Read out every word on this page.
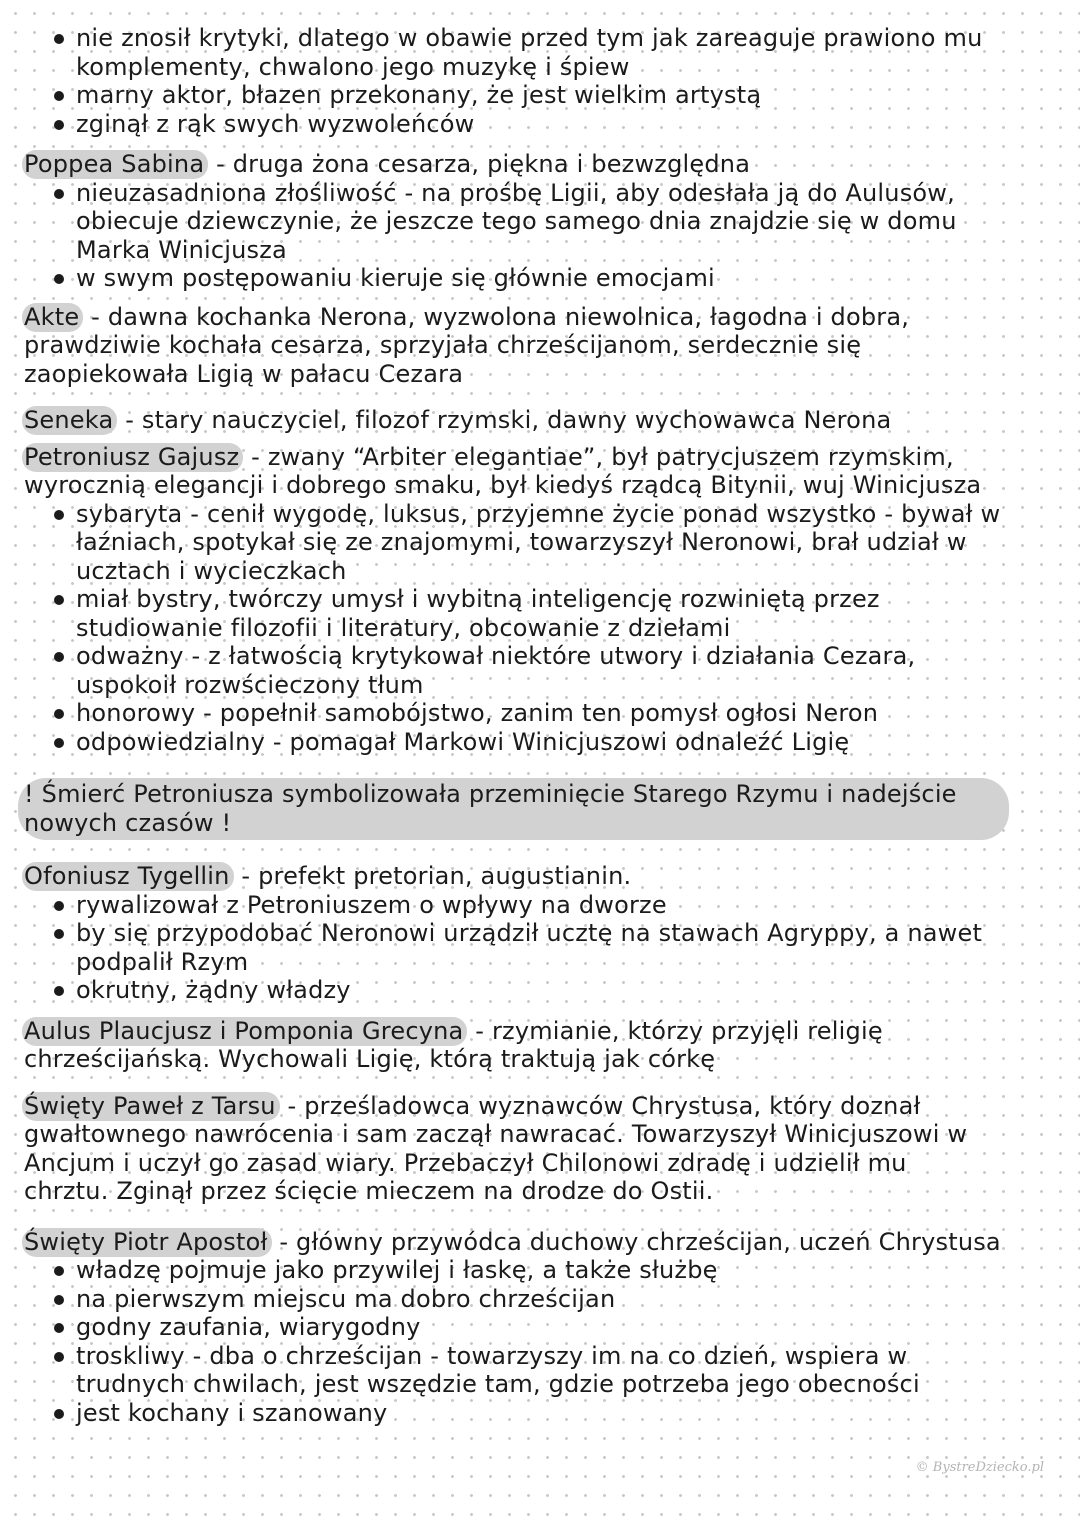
nie znosił krytyki, dlatego w obawie przed tym jak zareaguje prawiono mu
komplementy, chwalono jego muzykę i śpiew
marny aktor, błazen przekonany, że jest wielkim artystą
zginął z rąk swych wyzwoleńców
Poppea Sabina - druga żona cesarza, piękna i bezwzględna
nieuzasadniona złośliwość - na prośbę Ligii, aby odesłała ją do Aulusów,
obiecuje dziewczynie, że jeszcze tego samego dnia znajdzie się w domu
Marka Winicjusza
w swym postępowaniu kieruje się głównie emocjami
Akte - dawna kochanka Nerona, wyzwolona niewolnica, łagodna i dobra,
prawdziwie kochała cesarza, sprzyjała chrześcijanom, serdecznie się
zaopiekowała Ligią w pałacu Cezara
Seneka - stary nauczyciel, filozof rzymski, dawny wychowawca Nerona
Petroniusz Gajusz - zwany “Arbiter elegantiae”, był patrycjuszem rzymskim,
wyrocznią elegancji i dobrego smaku, był kiedyś rządcą Bitynii, wuj Winicjusza
sybaryta - cenił wygodę, luksus, przyjemne życie ponad wszystko - bywał w
łaźniach, spotykał się ze znajomymi, towarzyszył Neronowi, brał udział w
ucztach i wycieczkach
miał bystry, twórczy umysł i wybitną inteligencję rozwiniętą przez
studiowanie filozofii i literatury, obcowanie z dziełami
odważny - z łatwością krytykował niektóre utwory i działania Cezara,
uspokoił rozwścieczony tłum
honorowy - popełnił samobójstwo, zanim ten pomysł ogłosi Neron
odpowiedzialny - pomagał Markowi Winicjuszowi odnaleźć Ligię
! Śmierć Petroniusza symbolizowała przeminięcie Starego Rzymu i nadejście
nowych czasów !
Ofoniusz Tygellin - prefekt pretorian, augustianin.
rywalizował z Petroniuszem o wpływy na dworze
by się przypodobać Neronowi urządził ucztę na stawach Agryppy, a nawet
podpalił Rzym
okrutny, żądny władzy
Aulus Plaucjusz i Pomponia Grecyna - rzymianie, którzy przyjęli religię
chrześcijańską. Wychowali Ligię, którą traktują jak córkę
Święty Paweł z Tarsu - prześladowca wyznawców Chrystusa, który doznał
gwałtownego nawrócenia i sam zaczął nawracać. Towarzyszył Winicjuszowi w
Ancjum i uczył go zasad wiary. Przebaczył Chilonowi zdradę i udzielił mu
chrztu. Zginął przez ścięcie mieczem na drodze do Ostii.
Święty Piotr Apostoł - główny przywódca duchowy chrześcijan, uczeń Chrystusa
władzę pojmuje jako przywilej i łaskę, a także służbę
na pierwszym miejscu ma dobro chrześcijan
godny zaufania, wiarygodny
troskliwy - dba o chrześcijan - towarzyszy im na co dzień, wspiera w
trudnych chwilach, jest wszędzie tam, gdzie potrzeba jego obecności
jest kochany i szanowany
© BystreDziecko.pl
